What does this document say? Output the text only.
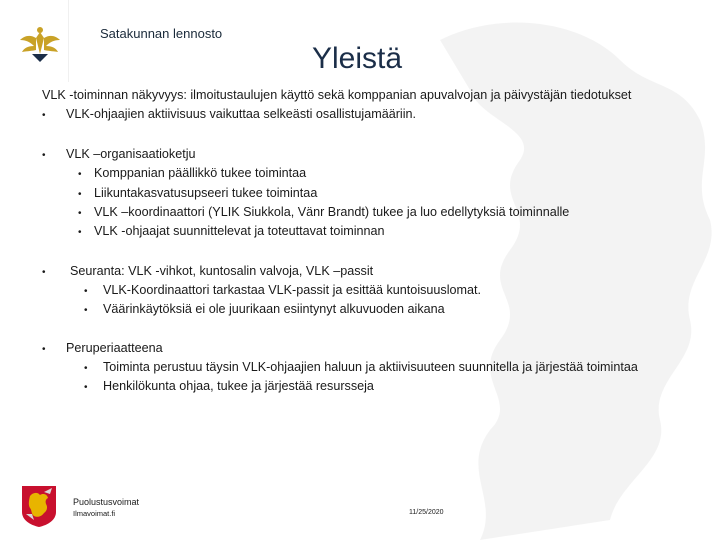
Satakunnan lennosto
Yleistä
VLK -toiminnan näkyvyys: ilmoitustaulujen käyttö sekä komppanian apuvalvojan ja päivystäjän tiedotukset
• VLK-ohjaajien aktiivisuus vaikuttaa selkeästi osallistujamääriin.
• VLK –organisaatioketju
• Komppanian päällikkö tukee toimintaa
• Liikuntakasvatusupseeri tukee toimintaa
• VLK –koordinaattori (YLIK Siukkola, Vänr Brandt) tukee ja luo edellytyksiä toiminnalle
• VLK -ohjaajat suunnittelevat ja toteuttavat toiminnan
• Seuranta: VLK -vihkot, kuntosalin valvoja, VLK –passit
• VLK-Koordinaattori tarkastaa VLK-passit ja esittää kuntoisuuslomat.
• Väärinkäytöksiä ei ole juurikaan esiintynyt alkuvuoden aikana
• Peruperiaatteena
• Toiminta perustuu täysin VLK-ohjaajien haluun ja aktiivisuuteen suunnitella ja järjestää toimintaa
• Henkilökunta ohjaa, tukee ja järjestää resursseja
Puolustusvoimat
Ilmavoimat.fi	11/25/2020
